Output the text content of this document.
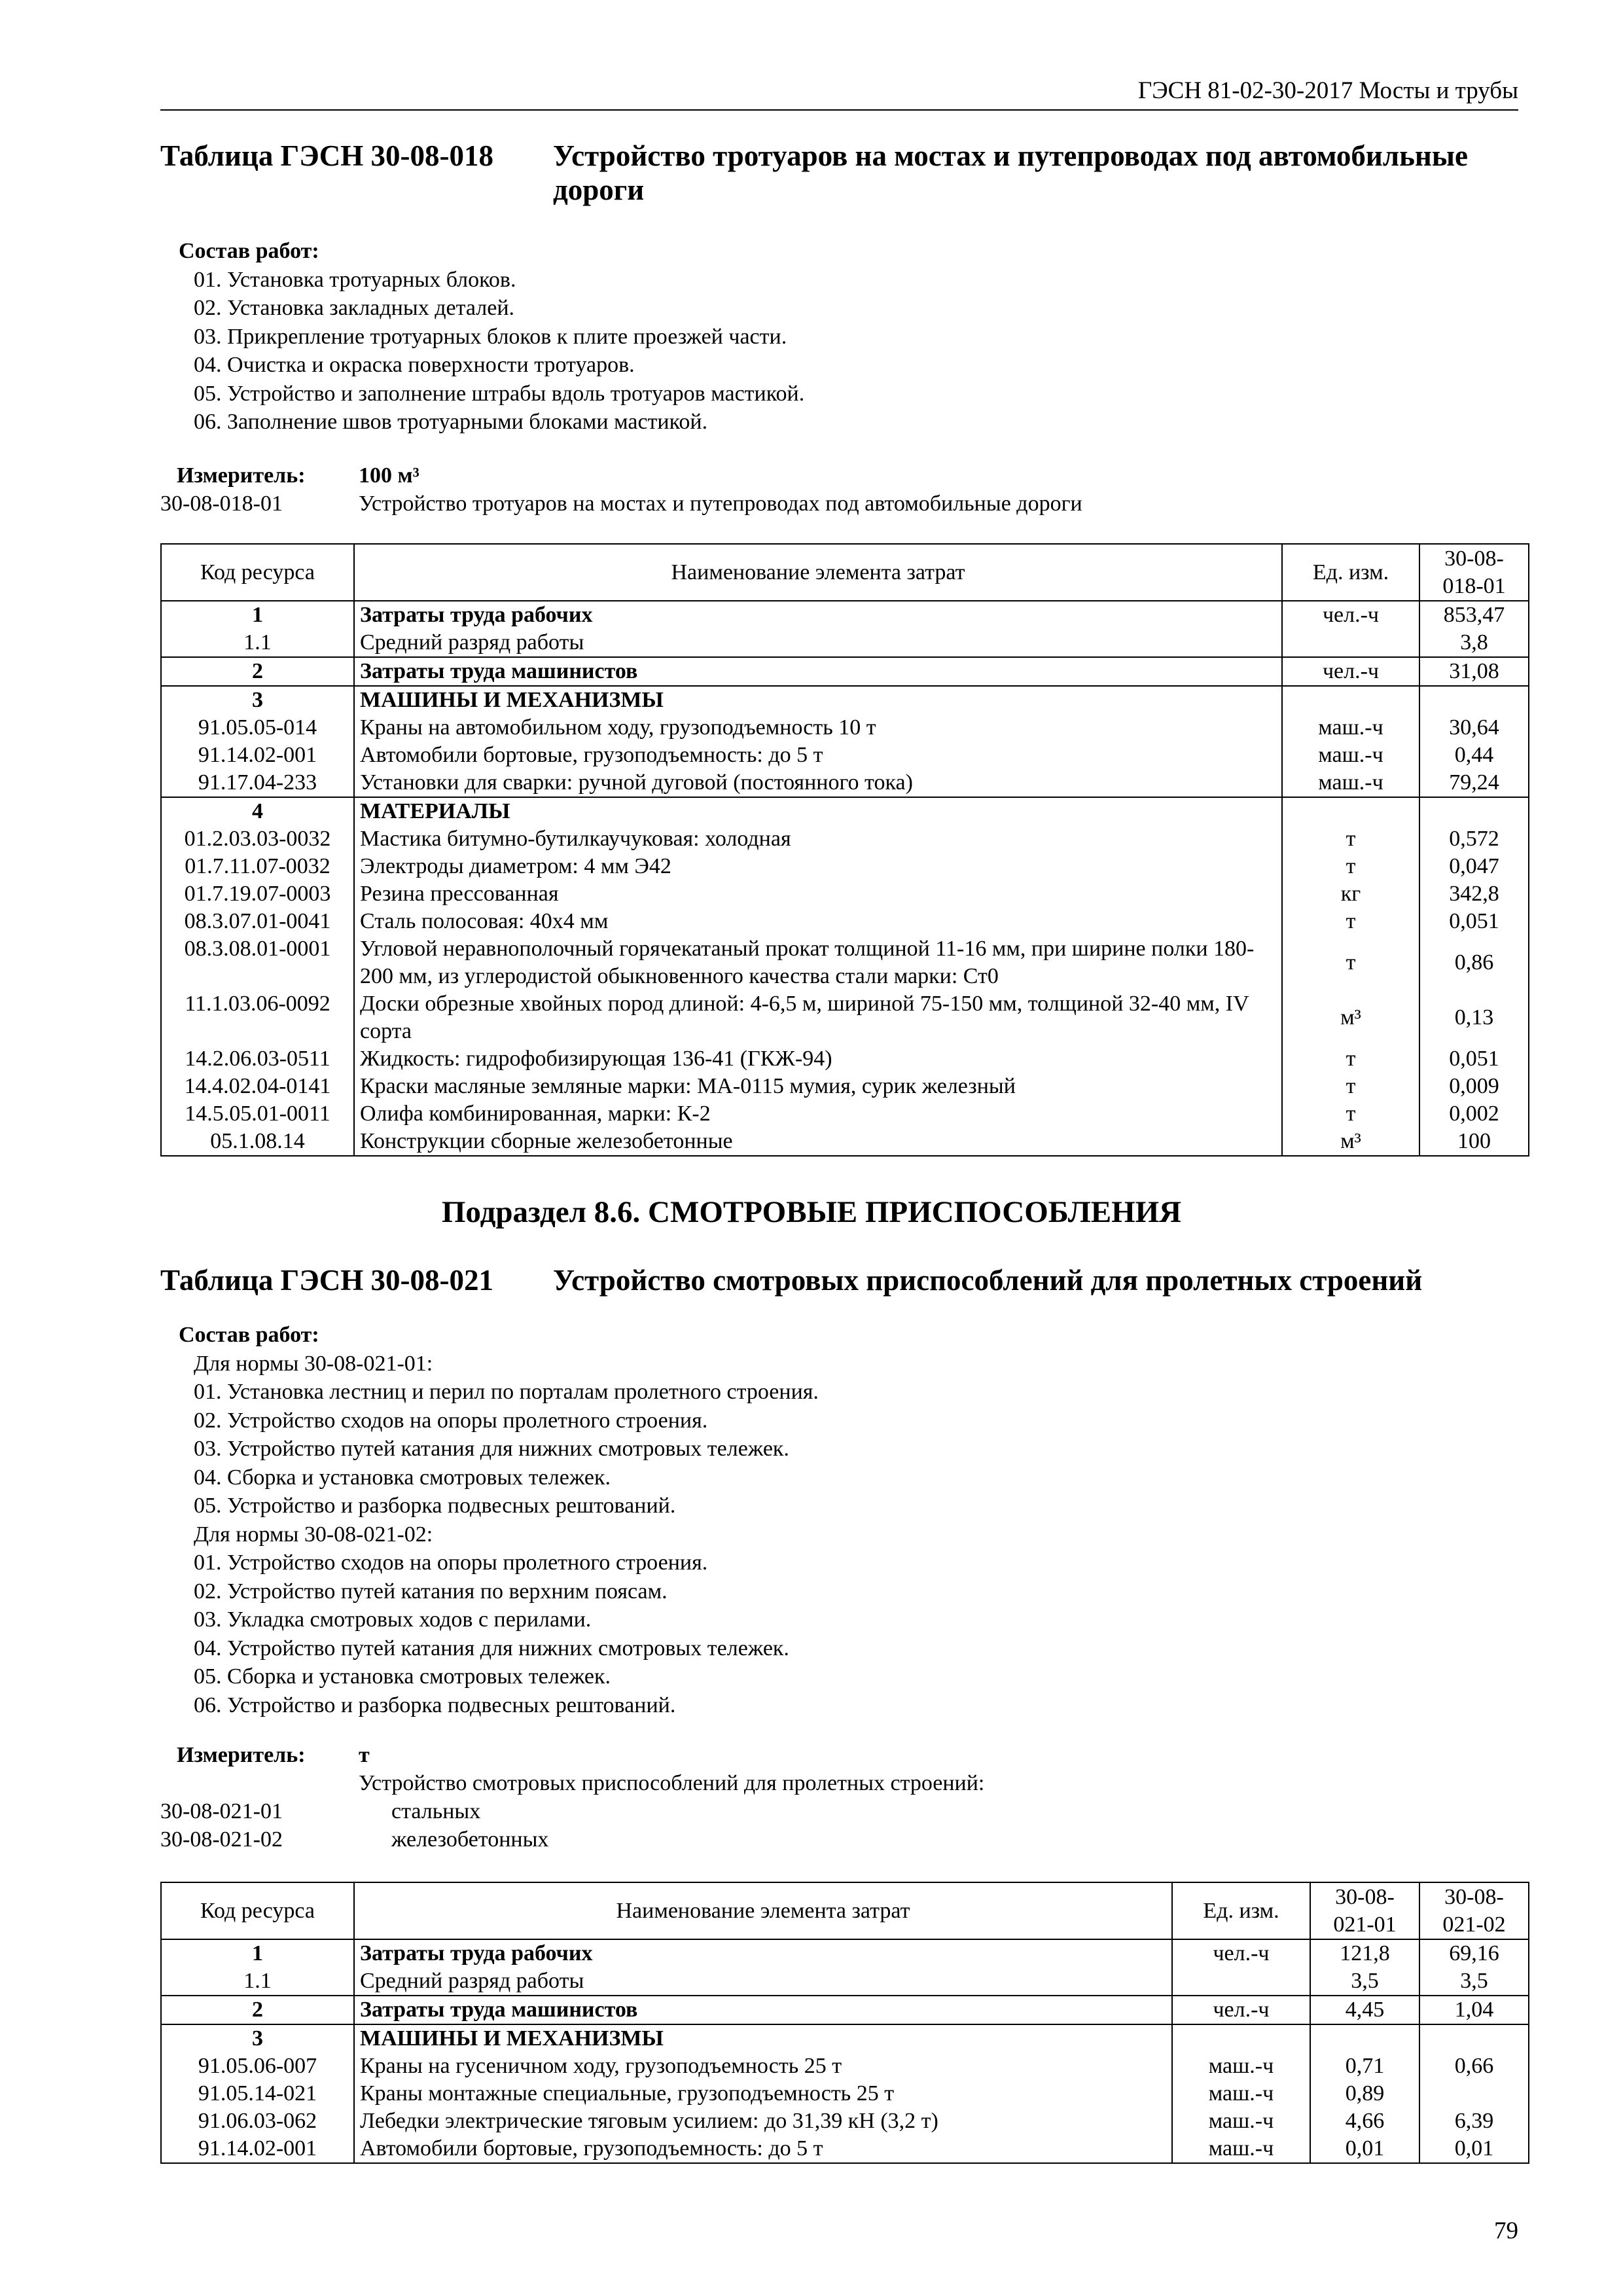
ГЭСН 81-02-30-2017 Мосты и трубы
Таблица ГЭСН 30-08-018 Устройство тротуаров на мостах и путепроводах под автомобильные дороги
Состав работ:
01. Установка тротуарных блоков.
02. Установка закладных деталей.
03. Прикрепление тротуарных блоков к плите проезжей части.
04. Очистка и окраска поверхности тротуаров.
05. Устройство и заполнение штрабы вдоль тротуаров мастикой.
06. Заполнение швов тротуарными блоками мастикой.
Измеритель: 100 м³
30-08-018-01	Устройство тротуаров на мостах и путепроводах под автомобильные дороги
Код ресурса	Наименование элемента затрат	Ед. изм.	30-08-018-01
1	Затраты труда рабочих	чел.-ч	853,47
1.1	Средний разряд работы		3,8
2	Затраты труда машинистов	чел.-ч	31,08
3	МАШИНЫ И МЕХАНИЗМЫ		
91.05.05-014	Краны на автомобильном ходу, грузоподъемность 10 т	маш.-ч	30,64
91.14.02-001	Автомобили бортовые, грузоподъемность: до 5 т	маш.-ч	0,44
91.17.04-233	Установки для сварки: ручной дуговой (постоянного тока)	маш.-ч	79,24
4	МАТЕРИАЛЫ		
01.2.03.03-0032	Мастика битумно-бутилкаучуковая: холодная	т	0,572
01.7.11.07-0032	Электроды диаметром: 4 мм Э42	т	0,047
01.7.19.07-0003	Резина прессованная	кг	342,8
08.3.07.01-0041	Сталь полосовая: 40х4 мм	т	0,051
08.3.08.01-0001	Угловой неравнополочный горячекатаный прокат толщиной 11-16 мм, при ширине полки 180- 200 мм, из углеродистой обыкновенного качества стали марки: Ст0	т	0,86
11.1.03.06-0092	Доски обрезные хвойных пород длиной: 4-6,5 м, шириной 75-150 мм, толщиной 32-40 мм, IV сорта	м³	0,13
14.2.06.03-0511	Жидкость: гидрофобизирующая 136-41 (ГКЖ-94)	т	0,051
14.4.02.04-0141	Краски масляные земляные марки: МА-0115 мумия, сурик железный	т	0,009
14.5.05.01-0011	Олифа комбинированная, марки: К-2	т	0,002
05.1.08.14	Конструкции сборные железобетонные	м³	100
Подраздел 8.6. СМОТРОВЫЕ ПРИСПОСОБЛЕНИЯ
Таблица ГЭСН 30-08-021 Устройство смотровых приспособлений для пролетных строений
Состав работ:
Для нормы 30-08-021-01:
01. Установка лестниц и перил по порталам пролетного строения.
02. Устройство сходов на опоры пролетного строения.
03. Устройство путей катания для нижних смотровых тележек.
04. Сборка и установка смотровых тележек.
05. Устройство и разборка подвесных рештований.
Для нормы 30-08-021-02:
01. Устройство сходов на опоры пролетного строения.
02. Устройство путей катания по верхним поясам.
03. Укладка смотровых ходов с перилами.
04. Устройство путей катания для нижних смотровых тележек.
05. Сборка и установка смотровых тележек.
06. Устройство и разборка подвесных рештований.
Измеритель: т
Устройство смотровых приспособлений для пролетных строений:
30-08-021-01	стальных
30-08-021-02	железобетонных
Код ресурса	Наименование элемента затрат	Ед. изм.	30-08-021-01	30-08-021-02
1	Затраты труда рабочих	чел.-ч	121,8	69,16
1.1	Средний разряд работы		3,5	3,5
2	Затраты труда машинистов	чел.-ч	4,45	1,04
3	МАШИНЫ И МЕХАНИЗМЫ			
91.05.06-007	Краны на гусеничном ходу, грузоподъемность 25 т	маш.-ч	0,71	0,66
91.05.14-021	Краны монтажные специальные, грузоподъемность 25 т	маш.-ч	0,89	
91.06.03-062	Лебедки электрические тяговым усилием: до 31,39 кН (3,2 т)	маш.-ч	4,66	6,39
91.14.02-001	Автомобили бортовые, грузоподъемность: до 5 т	маш.-ч	0,01	0,01
79
